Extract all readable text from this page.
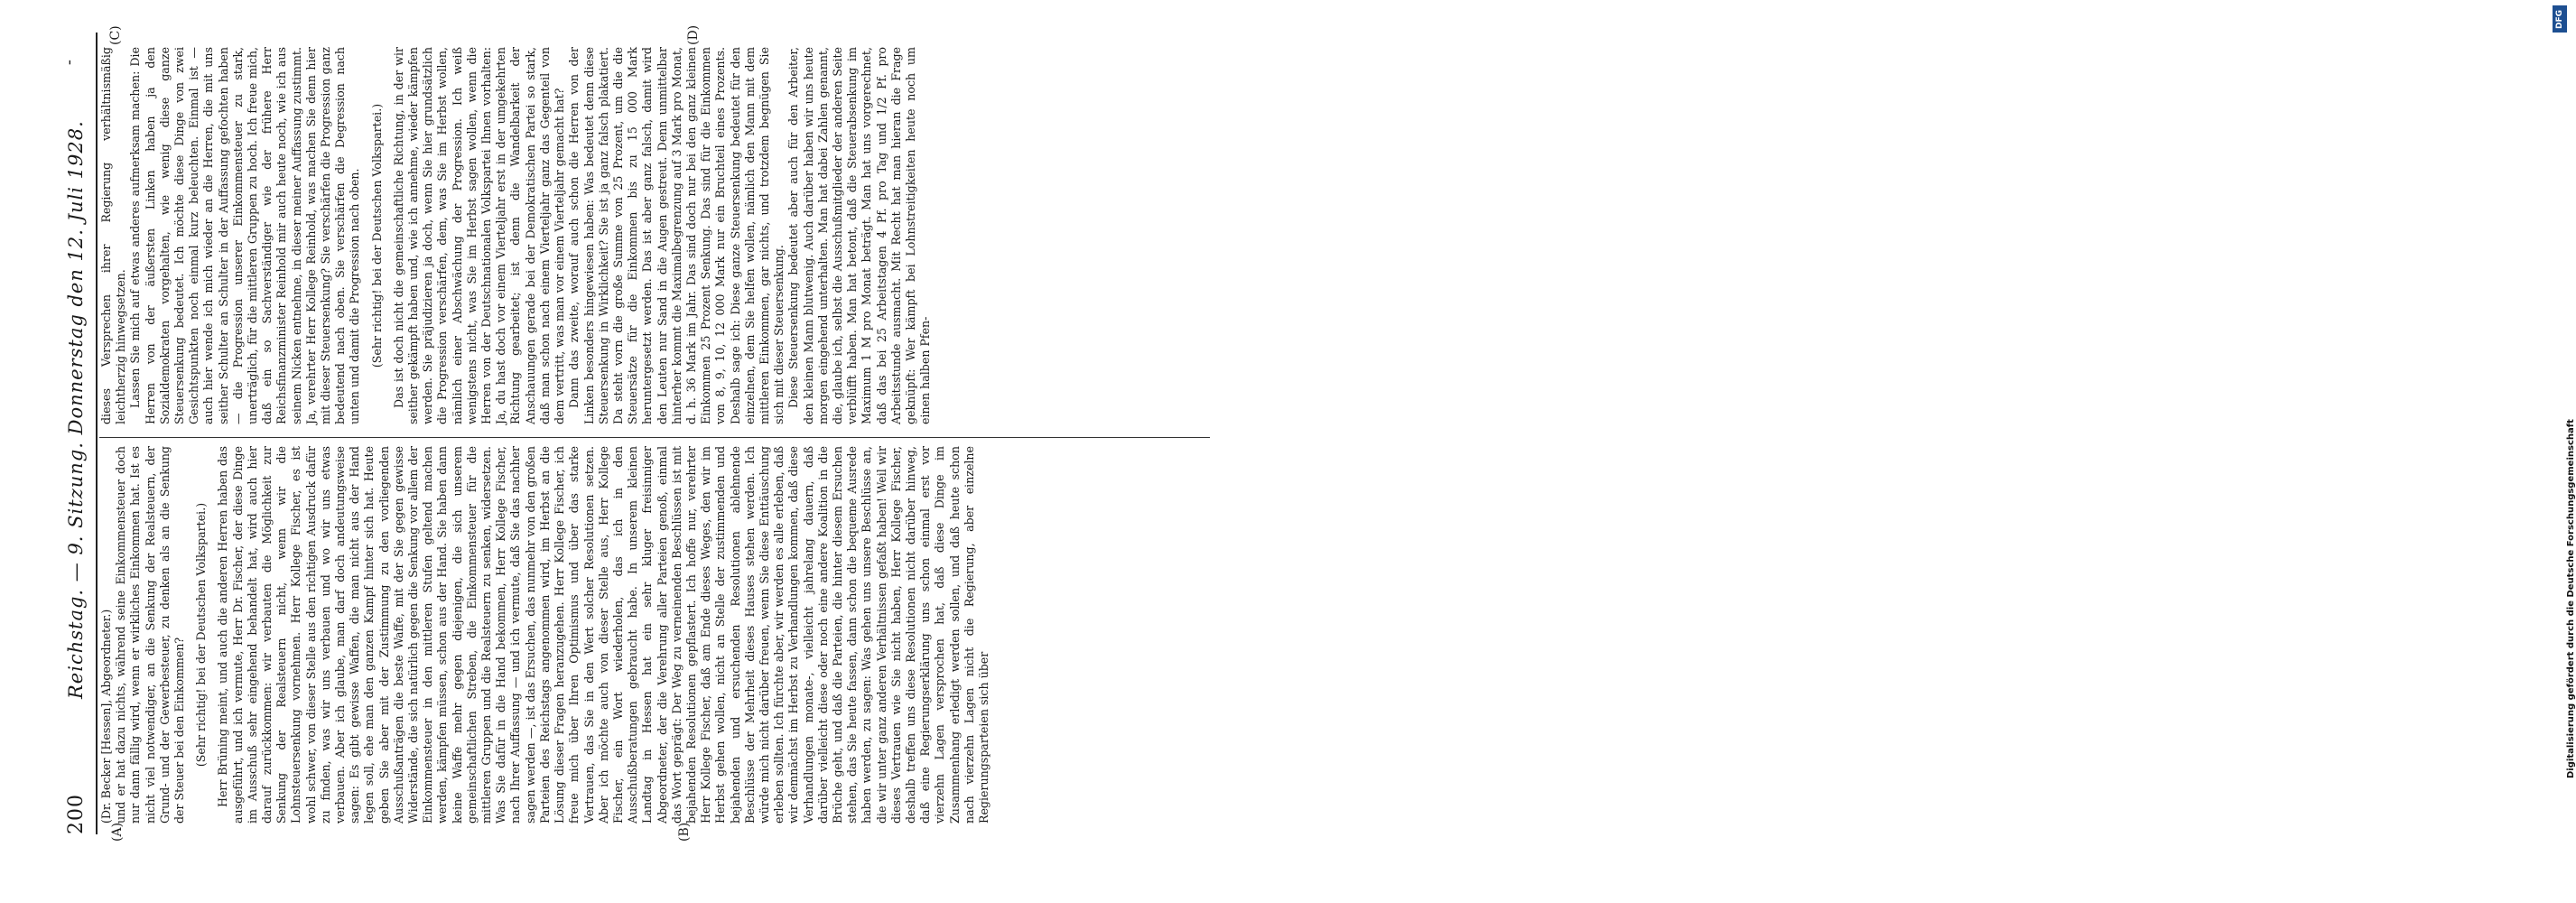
200
Reichstag. — 9. Sitzung. Donnerstag den 12. Juli 1928.
-
(A)	(B)
(C)	(D)

(Dr. Becker [Hessen], Abgeordneter.) und er hat dazu nichts, während seine Einkommensteuer doch nur dann fällig wird, wenn er wirkliches Einkommen hat. Ist es nicht viel notwendiger, an die Senkung der Realsteuern, der Grund- und der Gewerbesteuer, zu denken als an die Senkung der Steuer bei den Einkommen? (Sehr richtig! bei der Deutschen Volkspartei.) Herr Brüning meint, und auch die anderen Herren haben das ausgeführt, und ich vermute, Herr Dr. Fischer, der diese Dinge im Ausschuß sehr eingehend behandelt hat, wird auch hier darauf zurückkommen: wir verbauten die Möglichkeit zur Senkung der Realsteuern nicht, wenn wir die Lohnsteuersenkung vornehmen. Herr Kollege Fischer, es ist wohl schwer, von dieser Stelle aus den richtigen Ausdruck dafür zu finden, was wir uns verbauen und wo wir uns etwas verbauen. Aber ich glaube, man darf doch andeutungsweise sagen: Es gibt gewisse Waffen, die man nicht aus der Hand legen soll, ehe man den ganzen Kampf hinter sich hat. Heute geben Sie aber mit der Zustimmung zu den vorliegenden Ausschußanträgen die beste Waffe, mit der Sie gegen gewisse Widerstände, die sich natürlich gegen die Senkung vor allem der Einkommensteuer in den mittleren Stufen geltend machen werden, kämpfen müssen, schon aus der Hand. Sie haben dann keine Waffe mehr gegen diejenigen, die sich unserem gemeinschaftlichen Streben, die Einkommensteuer für die mittleren Gruppen und die Realsteuern zu senken, widersetzen. Was Sie dafür in die Hand bekommen, Herr Kollege Fischer, nach Ihrer Auffassung — und ich vermute, daß Sie das nachher sagen werden —, ist das Ersuchen, das nunmehr von den großen Parteien des Reichstags angenommen wird, im Herbst an die Lösung dieser Fragen heranzugehen. Herr Kollege Fischer, ich freue mich über Ihren Optimismus und über das starke Vertrauen, das Sie in den Wert solcher Resolutionen setzen. Aber ich möchte auch von dieser Stelle aus, Herr Kollege Fischer, ein Wort wiederholen, das ich in den Ausschußberatungen gebraucht habe. In unserem kleinen Landtag in Hessen hat ein sehr kluger freisinniger Abgeordneter, der die Verehrung aller Parteien genoß, einmal das Wort geprägt: Der Weg zu verneinenden Beschlüssen ist mit bejahenden Resolutionen gepflastert. Ich hoffe nur, verehrter Herr Kollege Fischer, daß am Ende dieses Weges, den wir im Herbst gehen wollen, nicht an Stelle der zustimmenden und bejahenden und ersuchenden Resolutionen ablehnende Beschlüsse der Mehrheit dieses Hauses stehen werden. Ich würde mich nicht darüber freuen, wenn Sie diese Enttäuschung erleben sollten. Ich fürchte aber, wir werden es alle erleben, daß wir demnächst im Herbst zu Verhandlungen kommen, daß diese Verhandlungen monate-, vielleicht jahrelang dauern, daß darüber vielleicht diese oder noch eine andere Koalition in die Brüche geht, und daß die Parteien, die hinter diesem Ersuchen stehen, das Sie heute fassen, dann schon die bequeme Ausrede haben werden, zu sagen: Was gehen uns unsere Beschlüsse an, die wir unter ganz anderen Verhältnissen gefaßt haben! Weil wir dieses Vertrauen wie Sie nicht haben, Herr Kollege Fischer, deshalb treffen uns diese Resolutionen nicht darüber hinweg, daß eine Regierungserklärung uns schon einmal erst vor vierzehn Lagen versprochen hat, daß diese Dinge im Zusammenhang erledigt werden sollen, und daß heute schon nach vierzehn Lagen nicht die Regierung, aber einzelne Regierungsparteien sich über

dieses Versprechen ihrer Regierung verhältnismäßig leichtherzig hinwegsetzen. Lassen Sie mich auf etwas anderes aufmerksam machen: Die Herren von der äußersten Linken haben ja den Sozialdemokraten vorgehalten, wie wenig diese ganze Steuersenkung bedeutet. Ich möchte diese Dinge von zwei Gesichtspunkten noch einmal kurz beleuchten. Einmal ist — auch hier wende ich mich wieder an die Herren, die mit uns seither Schulter an Schulter in der Auffassung gefochten haben — die Progression unserer Einkommensteuer zu stark, unerträglich, für die mittleren Gruppen zu hoch. Ich freue mich, daß ein so Sachverständiger wie der frühere Herr Reichsfinanzminister Reinhold mir auch heute noch, wie ich aus seinem Nicken entnehme, in dieser meiner Auffassung zustimmt. Ja, verehrter Herr Kollege Reinhold, was machen Sie denn hier mit dieser Steuersenkung? Sie verschärfen die Progression ganz bedeutend nach oben. Sie verschärfen die Degression nach unten und damit die Progression nach oben. (Sehr richtig! bei der Deutschen Volkspartei.) Das ist doch nicht die gemeinschaftliche Richtung, in der wir seither gekämpft haben und, wie ich annehme, wieder kämpfen werden. Sie präjudizieren ja doch, wenn Sie hier grundsätzlich die Progression verschärfen, dem, was Sie im Herbst wollen, nämlich einer Abschwächung der Progression. Ich weiß wenigstens nicht, was Sie im Herbst sagen wollen, wenn die Herren von der Deutschnationalen Volkspartei Ihnen vorhalten: Ja, du hast doch vor einem Vierteljahr erst in der umgekehrten Richtung gearbeitet; ist denn die Wandelbarkeit der Anschauungen gerade bei der Demokratischen Partei so stark, daß man schon nach einem Vierteljahr ganz das Gegenteil von dem vertritt, was man vor einem Vierteljahr gemacht hat? Dann das zweite, worauf auch schon die Herren von der Linken besonders hingewiesen haben: Was bedeutet denn diese Steuersenkung in Wirklichkeit? Sie ist ja ganz falsch plakatiert. Da steht vorn die große Summe von 25 Prozent, um die die Steuersätze für die Einkommen bis zu 15 000 Mark heruntergesetzt werden. Das ist aber ganz falsch, damit wird den Leuten nur Sand in die Augen gestreut. Denn unmittelbar hinterher kommt die Maximalbegrenzung auf 3 Mark pro Monat, d. h. 36 Mark im Jahr. Das sind doch nur bei den ganz kleinen Einkommen 25 Prozent Senkung. Das sind für die Einkommen von 8, 9, 10, 12 000 Mark nur ein Bruchteil eines Prozents. Deshalb sage ich: Diese ganze Steuersenkung bedeutet für den einzelnen, dem Sie helfen wollen, nämlich den Mann mit dem mittleren Einkommen, gar nichts, und trotzdem begnügen Sie sich mit dieser Steuersenkung. Diese Steuersenkung bedeutet aber auch für den Arbeiter, den kleinen Mann blutwenig. Auch darüber haben wir uns heute morgen eingehend unterhalten. Man hat dabei Zahlen genannt, die, glaube ich, selbst die Ausschußmitglieder der anderen Seite verblüfft haben. Man hat betont, daß die Steuerabsenkung im Maximum 1 M pro Monat beträgt. Man hat uns vorgerechnet, daß das bei 25 Arbeitstagen 4 Pf. pro Tag und 1/2 Pf. pro Arbeitsstunde ausmacht. Mit Recht hat man hieran die Frage geknüpft: Wer kämpft bei Lohnstreitigkeiten heute noch um einen halben Pfen-

DFG
Digitalisierung gefördert durch die Deutsche Forschungsgemeinschaft
